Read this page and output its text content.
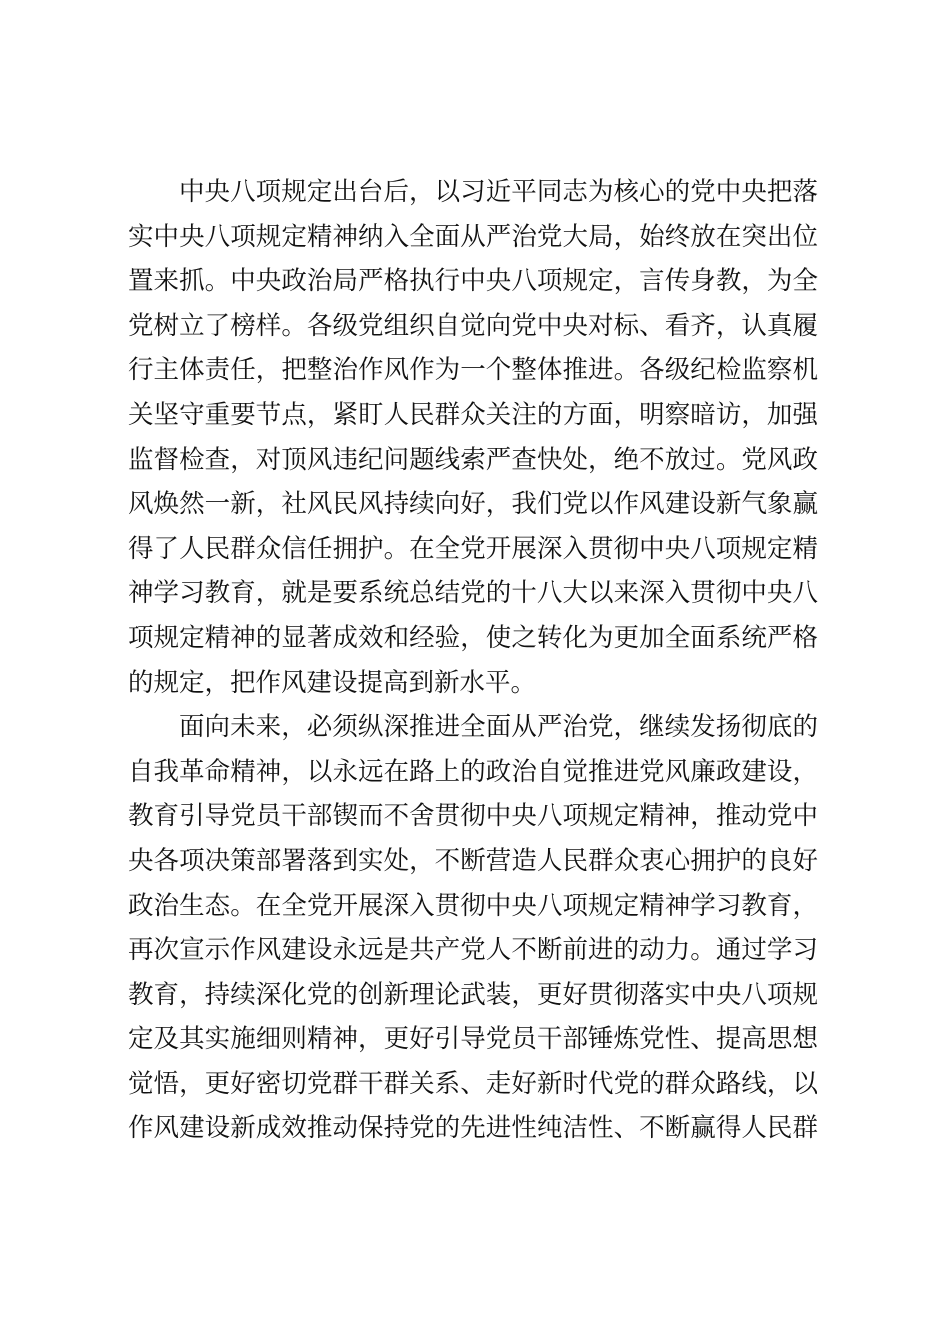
中央八项规定出台后，以习近平同志为核心的党中央把落
实中央八项规定精神纳入全面从严治党大局，始终放在突出位
置来抓。中央政治局严格执行中央八项规定，言传身教，为全
党树立了榜样。各级党组织自觉向党中央对标、看齐，认真履
行主体责任，把整治作风作为一个整体推进。各级纪检监察机
关坚守重要节点，紧盯人民群众关注的方面，明察暗访，加强
监督检查，对顶风违纪问题线索严查快处，绝不放过。党风政
风焕然一新，社风民风持续向好，我们党以作风建设新气象赢
得了人民群众信任拥护。在全党开展深入贯彻中央八项规定精
神学习教育，就是要系统总结党的十八大以来深入贯彻中央八
项规定精神的显著成效和经验，使之转化为更加全面系统严格
的规定，把作风建设提高到新水平。
面向未来，必须纵深推进全面从严治党，继续发扬彻底的
自我革命精神，以永远在路上的政治自觉推进党风廉政建设，
教育引导党员干部锲而不舍贯彻中央八项规定精神，推动党中
央各项决策部署落到实处，不断营造人民群众衷心拥护的良好
政治生态。在全党开展深入贯彻中央八项规定精神学习教育，
再次宣示作风建设永远是共产党人不断前进的动力。通过学习
教育，持续深化党的创新理论武装，更好贯彻落实中央八项规
定及其实施细则精神，更好引导党员干部锤炼党性、提高思想
觉悟，更好密切党群干群关系、走好新时代党的群众路线，以
作风建设新成效推动保持党的先进性纯洁性、不断赢得人民群
